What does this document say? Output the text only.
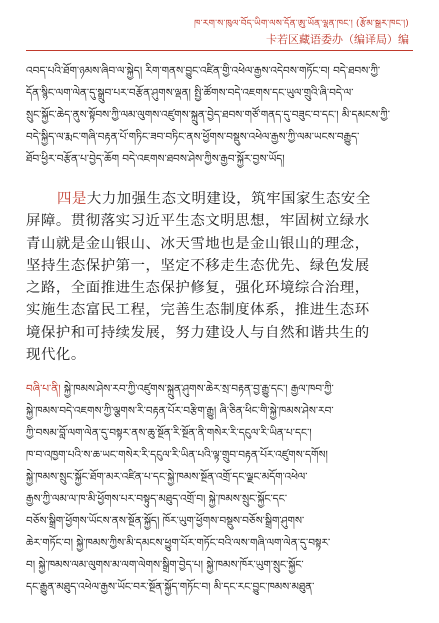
ཁ་རག་ས་ཁུལ་བོད་ཡིག་ལས་དོན་ཨུ་ཡོན་ལྷན་ཁང་། (རྩོམ་སྒྱུར་ཁང་།)
卡若区藏语委办（编译局）编
འབད་པའི་ཐོག་ཉམས་ཞིབ་ལ་སྐྱེད། རིག་གནས་བྱུང་འཛིན་གྱི་འཕེལ་རྒྱས་འདེབས་གཏོང་བ། བདེ་ཐབས་ཀྱི་
དོན་སྙིང་ལག་ལེན་དུ་སྒྲུབ་པར་བརྩོན་ཤུགས་ལྡན། སྤྱི་ཚོགས་བདེ་འཇགས་དང་ཡུལ་གྲུའི་ཞི་བདེ་ལ་
སྲུང་སྐྱོང་ཆེད་ནུས་སྟོབས་ཀྱི་ལམ་ལུགས་འཛུགས་སྐྲུན་བྱེད་ཐབས་གཙོ་གནད་དུ་བཟུང་བ་དང་། མི་དམངས་ཀྱི་
བདེ་སྐྱིད་ལ་རྨང་གཞི་བརྟན་པོ་གཏིང་ཟབ་བཏིང་ནས་ཕྱོགས་བསྡུས་འཕེལ་རྒྱས་ཀྱི་ལམ་ཡངས་བརྒྱུད་
ཐོབ་ཕྱིར་བརྩོན་པ་བྱེད་ཆོག བདེ་འཇགས་ཐབས་ཤེས་ཀྱིས་རྒྱབ་སྐྱོར་བྱས་ཡོད།
四是大力加强生态文明建设，筑牢国家生态安全
屏障。贯彻落实习近平生态文明思想，牢固树立绿水
青山就是金山银山、冰天雪地也是金山银山的理念，
坚持生态保护第一，坚定不移走生态优先、绿色发展
之路，全面推进生态保护修复，强化环境综合治理，
实施生态富民工程，完善生态制度体系，推进生态环
境保护和可持续发展，努力建设人与自然和谐共生的
现代化。
བཞི་པ་ནི། སྐྱེ་ཁམས་ཤེས་རབ་ཀྱི་འཛུགས་སྐྲུན་ཤུགས་ཆེར་སྲ་བརྟན་བྱ་རྒྱུ་དང་། རྒྱལ་ཁབ་ཀྱི་
སྐྱེ་ཁམས་བདེ་འཇགས་ཀྱི་ལྕགས་རི་བརྟན་པོར་བརྩིག་རྒྱུ། ཞི་ཅིན་ཕིང་གི་སྐྱེ་ཁམས་ཤེས་རབ་
ཀྱི་བསམ་བློ་ལག་ལེན་དུ་བསྟར་ནས་ཆུ་སྔོན་རི་སྔོན་ནི་གསེར་རི་དངུལ་རི་ཡིན་པ་དང་།
ཁ་བ་འཁྱག་པའི་ས་ཆ་ཡང་གསེར་རི་དངུལ་རི་ཡིན་པའི་ལྟ་གྲུབ་བརྟན་པོར་འཛུགས་དགོས།
སྐྱེ་ཁམས་སྲུང་སྐྱོང་ཐོག་མར་འཛིན་པ་དང་སྐྱེ་ཁམས་སྔོན་འགྲོ་དང་ལྗང་མདོག་འཕེལ་
རྒྱས་ཀྱི་ལམ་ལ་ཁ་མི་ཕྱོགས་པར་བསྟུད་མཐུད་འགྲོ་བ། སྐྱེ་ཁམས་སྲུང་སྐྱོང་དང་
བཅོས་སྒྲིག་ཕྱོགས་ཡོངས་ནས་སྔོན་སྐྱོད། ཁོར་ཡུག་ཕྱོགས་བསྡུས་བཅོས་སྒྲིག་ཤུགས་
ཆེར་གཏོང་བ། སྐྱེ་ཁམས་ཀྱིས་མི་དམངས་ཕྱུག་པོར་གཏོང་བའི་ལས་གཞི་ལག་ལེན་དུ་བསྟར་
བ། སྐྱེ་ཁམས་ལམ་ལུགས་མ་ལག་ལེགས་སྒྲིག་བྱེད་པ། སྐྱེ་ཁམས་ཁོར་ཡུག་སྲུང་སྐྱོང་
དང་རྒྱུན་མཐུད་འཕེལ་རྒྱས་ཡོང་བར་སྔོན་སྐྱོད་གཏོང་བ། མི་དང་རང་བྱུང་ཁམས་མཐུན་
